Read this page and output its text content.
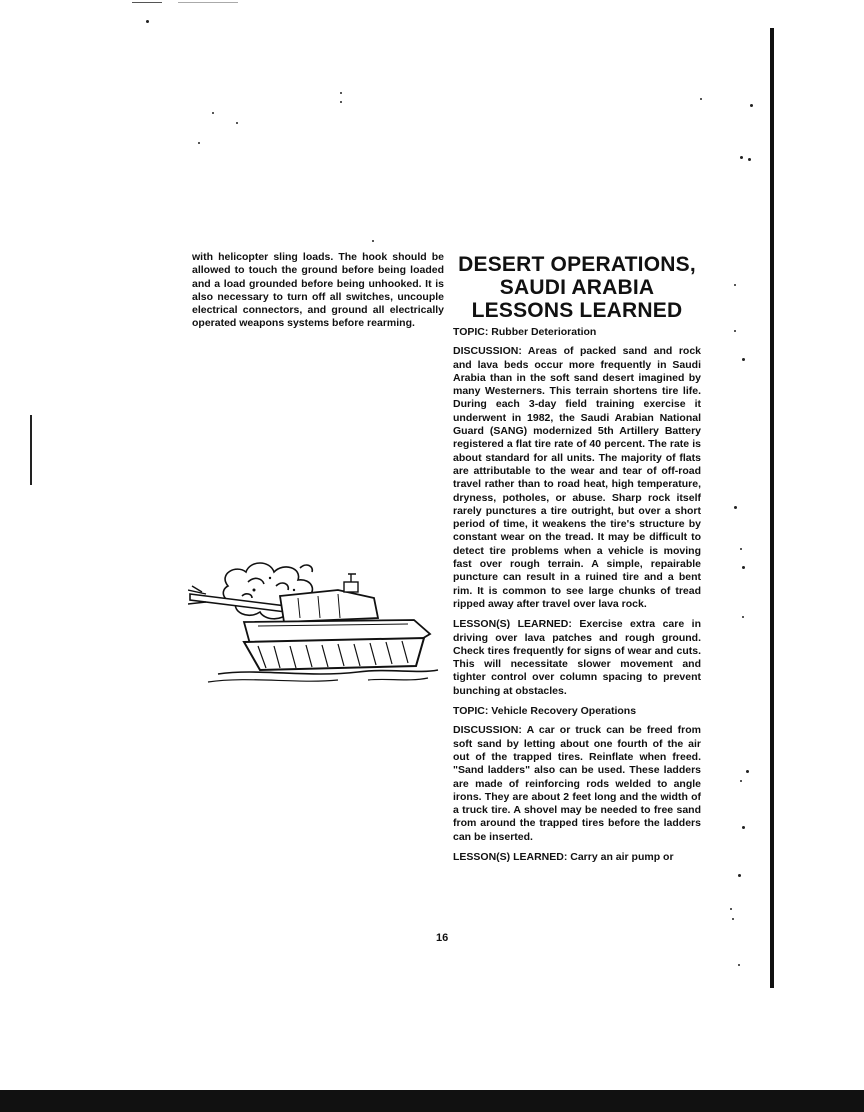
with helicopter sling loads. The hook should be allowed to touch the ground before being loaded and a load grounded before being unhooked. It is also necessary to turn off all switches, uncouple electrical connectors, and ground all electrically operated weapons systems before rearming.

DESERT OPERATIONS, SAUDI ARABIA LESSONS LEARNED
TOPIC: Rubber Deterioration

DISCUSSION: Areas of packed sand and rock and lava beds occur more frequently in Saudi Arabia than in the soft sand desert imagined by many Westerners. This terrain shortens tire life. During each 3-day field training exercise it underwent in 1982, the Saudi Arabian National Guard (SANG) modernized 5th Artillery Battery registered a flat tire rate of 40 percent. The rate is about standard for all units. The majority of flats are attributable to the wear and tear of off-road travel rather than to road heat, high temperature, dryness, potholes, or abuse. Sharp rock itself rarely punctures a tire outright, but over a short period of time, it weakens the tire's structure by constant wear on the tread. It may be difficult to detect tire problems when a vehicle is moving fast over rough terrain. A simple, repairable puncture can result in a ruined tire and a bent rim. It is common to see large chunks of tread ripped away after travel over lava rock.

LESSON(S) LEARNED: Exercise extra care in driving over lava patches and rough ground. Check tires frequently for signs of wear and cuts. This will necessitate slower movement and tighter control over column spacing to prevent bunching at obstacles.

TOPIC: Vehicle Recovery Operations

DISCUSSION: A car or truck can be freed from soft sand by letting about one fourth of the air out of the trapped tires. Reinflate when freed. "Sand ladders" also can be used. These ladders are made of reinforcing rods welded to angle irons. They are about 2 feet long and the width of a truck tire. A shovel may be needed to free sand from around the trapped tires before the ladders can be inserted.

LESSON(S) LEARNED: Carry an air pump or

16
